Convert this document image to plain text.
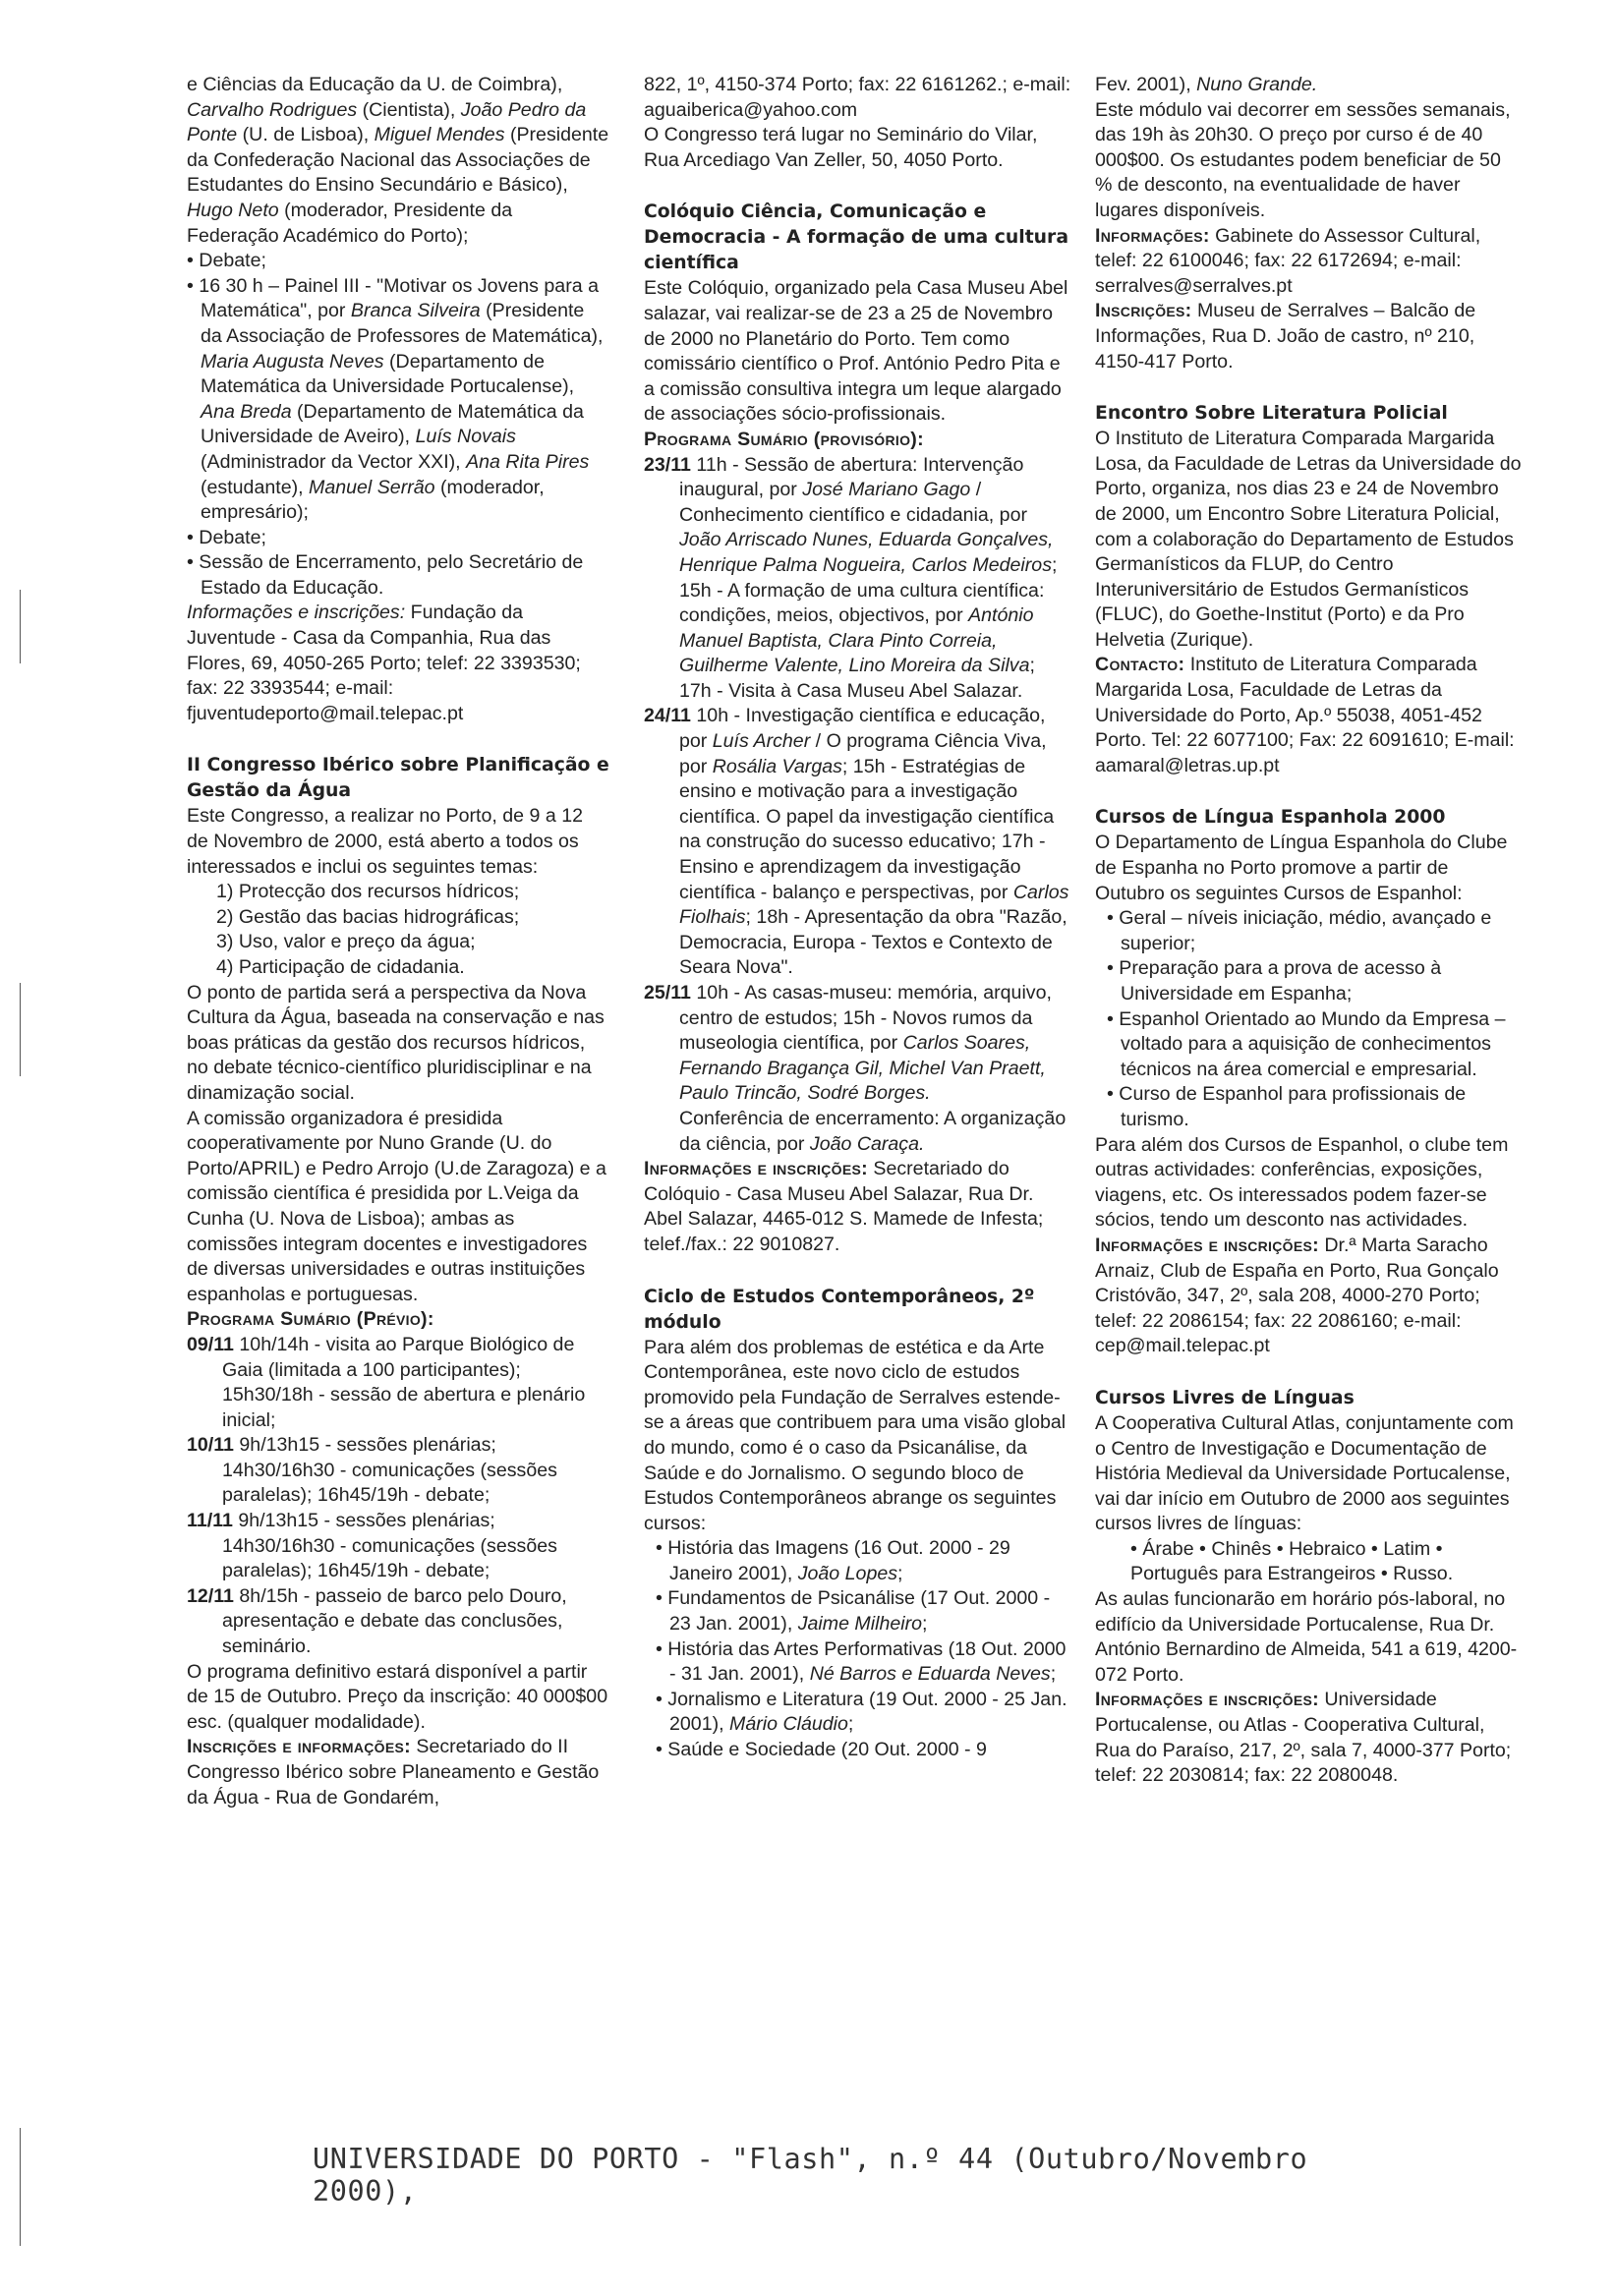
e Ciências da Educação da U. de Coimbra), Carvalho Rodrigues (Cientista), João Pedro da Ponte (U. de Lisboa), Miguel Mendes (Presidente da Confederação Nacional das Associações de Estudantes do Ensino Secundário e Básico), Hugo Neto (moderador, Presidente da Federação Académico do Porto);
• Debate;
• 16 30 h – Painel III - "Motivar os Jovens para a Matemática", por Branca Silveira (Presidente da Associação de Professores de Matemática), Maria Augusta Neves (Departamento de Matemática da Universidade Portucalense), Ana Breda (Departamento de Matemática da Universidade de Aveiro), Luís Novais (Administrador da Vector XXI), Ana Rita Pires (estudante), Manuel Serrão (moderador, empresário);
• Debate;
• Sessão de Encerramento, pelo Secretário de Estado da Educação.
Informações e inscrições: Fundação da Juventude - Casa da Companhia, Rua das Flores, 69, 4050-265 Porto; telef: 22 3393530; fax: 22 3393544; e-mail: fjuventudeporto@mail.telepac.pt
II Congresso Ibérico sobre Planificação e Gestão da Água
Este Congresso, a realizar no Porto, de 9 a 12 de Novembro de 2000, está aberto a todos os interessados e inclui os seguintes temas:
1) Protecção dos recursos hídricos;
2) Gestão das bacias hidrográficas;
3) Uso, valor e preço da água;
4) Participação de cidadania.
O ponto de partida será a perspectiva da Nova Cultura da Água, baseada na conservação e nas boas práticas da gestão dos recursos hídricos, no debate técnico-científico pluridisciplinar e na dinamização social.
A comissão organizadora é presidida cooperativamente por Nuno Grande (U. do Porto/APRIL) e Pedro Arrojo (U.de Zaragoza) e a comissão científica é presidida por L.Veiga da Cunha (U. Nova de Lisboa); ambas as comissões integram docentes e investigadores de diversas universidades e outras instituições espanholas e portuguesas.
Programa Sumário (Prévio):
09/11 10h/14h - visita ao Parque Biológico de Gaia (limitada a 100 participantes); 15h30/18h - sessão de abertura e plenário inicial;
10/11 9h/13h15 - sessões plenárias; 14h30/16h30 - comunicações (sessões paralelas); 16h45/19h - debate;
11/11 9h/13h15 - sessões plenárias; 14h30/16h30 - comunicações (sessões paralelas); 16h45/19h - debate;
12/11 8h/15h - passeio de barco pelo Douro, apresentação e debate das conclusões, seminário.
O programa definitivo estará disponível a partir de 15 de Outubro. Preço da inscrição: 40 000$00 esc. (qualquer modalidade).
Inscrições e informações: Secretariado do II Congresso Ibérico sobre Planeamento e Gestão da Água - Rua de Gondarém,
822, 1º, 4150-374 Porto; fax: 22 6161262.; e-mail: aguaiberica@yahoo.com
O Congresso terá lugar no Seminário do Vilar, Rua Arcediago Van Zeller, 50, 4050 Porto.
Colóquio Ciência, Comunicação e Democracia - A formação de uma cultura científica
Este Colóquio, organizado pela Casa Museu Abel salazar, vai realizar-se de 23 a 25 de Novembro de 2000 no Planetário do Porto. Tem como comissário científico o Prof. António Pedro Pita e a comissão consultiva integra um leque alargado de associações sócio-profissionais.
Programa Sumário (provisório):
23/11 11h - Sessão de abertura: Intervenção inaugural, por José Mariano Gago / Conhecimento científico e cidadania, por João Arriscado Nunes, Eduarda Gonçalves, Henrique Palma Nogueira, Carlos Medeiros; 15h - A formação de uma cultura científica: condições, meios, objectivos, por António Manuel Baptista, Clara Pinto Correia, Guilherme Valente, Lino Moreira da Silva; 17h - Visita à Casa Museu Abel Salazar.
24/11 10h - Investigação científica e educação, por Luís Archer / O programa Ciência Viva, por Rosália Vargas; 15h - Estratégias de ensino e motivação para a investigação científica. O papel da investigação científica na construção do sucesso educativo; 17h - Ensino e aprendizagem da investigação científica - balanço e perspectivas, por Carlos Fiolhais; 18h - Apresentação da obra "Razão, Democracia, Europa - Textos e Contexto de Seara Nova".
25/11 10h - As casas-museu: memória, arquivo, centro de estudos; 15h - Novos rumos da museologia científica, por Carlos Soares, Fernando Bragança Gil, Michel Van Praett, Paulo Trincão, Sodré Borges.
Conferência de encerramento: A organização da ciência, por João Caraça.
Informações e inscrições: Secretariado do Colóquio - Casa Museu Abel Salazar, Rua Dr. Abel Salazar, 4465-012 S. Mamede de Infesta; telef./fax.: 22 9010827.
Ciclo de Estudos Contemporâneos, 2º módulo
Para além dos problemas de estética e da Arte Contemporânea, este novo ciclo de estudos promovido pela Fundação de Serralves estende-se a áreas que contribuem para uma visão global do mundo, como é o caso da Psicanálise, da Saúde e do Jornalismo. O segundo bloco de Estudos Contemporâneos abrange os seguintes cursos:
• História das Imagens (16 Out. 2000 - 29 Janeiro 2001), João Lopes;
• Fundamentos de Psicanálise (17 Out. 2000 - 23 Jan. 2001), Jaime Milheiro;
• História das Artes Performativas (18 Out. 2000 - 31 Jan. 2001), Né Barros e Eduarda Neves;
• Jornalismo e Literatura (19 Out. 2000 - 25 Jan. 2001), Mário Cláudio;
• Saúde e Sociedade (20 Out. 2000 - 9
Fev. 2001), Nuno Grande.
Este módulo vai decorrer em sessões semanais, das 19h às 20h30. O preço por curso é de 40 000$00. Os estudantes podem beneficiar de 50 % de desconto, na eventualidade de haver lugares disponíveis.
Informações: Gabinete do Assessor Cultural, telef: 22 6100046; fax: 22 6172694; e-mail: serralves@serralves.pt
Inscrições: Museu de Serralves – Balcão de Informações, Rua D. João de castro, nº 210, 4150-417 Porto.
Encontro Sobre Literatura Policial
O Instituto de Literatura Comparada Margarida Losa, da Faculdade de Letras da Universidade do Porto, organiza, nos dias 23 e 24 de Novembro de 2000, um Encontro Sobre Literatura Policial, com a colaboração do Departamento de Estudos Germanísticos da FLUP, do Centro Interuniversitário de Estudos Germanísticos (FLUC), do Goethe-Institut (Porto) e da Pro Helvetia (Zurique).
Contacto: Instituto de Literatura Comparada Margarida Losa, Faculdade de Letras da Universidade do Porto, Ap.º 55038, 4051-452 Porto. Tel: 22 6077100; Fax: 22 6091610; E-mail: aamaral@letras.up.pt
Cursos de Língua Espanhola 2000
O Departamento de Língua Espanhola do Clube de Espanha no Porto promove a partir de Outubro os seguintes Cursos de Espanhol:
• Geral – níveis iniciação, médio, avançado e superior;
• Preparação para a prova de acesso à Universidade em Espanha;
• Espanhol Orientado ao Mundo da Empresa – voltado para a aquisição de conhecimentos técnicos na área comercial e empresarial.
• Curso de Espanhol para profissionais de turismo.
Para além dos Cursos de Espanhol, o clube tem outras actividades: conferências, exposições, viagens, etc. Os interessados podem fazer-se sócios, tendo um desconto nas actividades.
Informações e inscrições: Dr.ª Marta Saracho Arnaiz, Club de España en Porto, Rua Gonçalo Cristóvão, 347, 2º, sala 208, 4000-270 Porto; telef: 22 2086154; fax: 22 2086160; e-mail: cep@mail.telepac.pt
Cursos Livres de Línguas
A Cooperativa Cultural Atlas, conjuntamente com o Centro de Investigação e Documentação de História Medieval da Universidade Portucalense, vai dar início em Outubro de 2000 aos seguintes cursos livres de línguas:
• Árabe • Chinês • Hebraico • Latim • Português para Estrangeiros • Russo.
As aulas funcionarão em horário pós-laboral, no edifício da Universidade Portucalense, Rua Dr. António Bernardino de Almeida, 541 a 619, 4200-072 Porto.
Informações e inscrições: Universidade Portucalense, ou Atlas - Cooperativa Cultural, Rua do Paraíso, 217, 2º, sala 7, 4000-377 Porto; telef: 22 2030814; fax: 22 2080048.
UNIVERSIDADE DO PORTO - "Flash", n.º 44 (Outubro/Novembro 2000),
